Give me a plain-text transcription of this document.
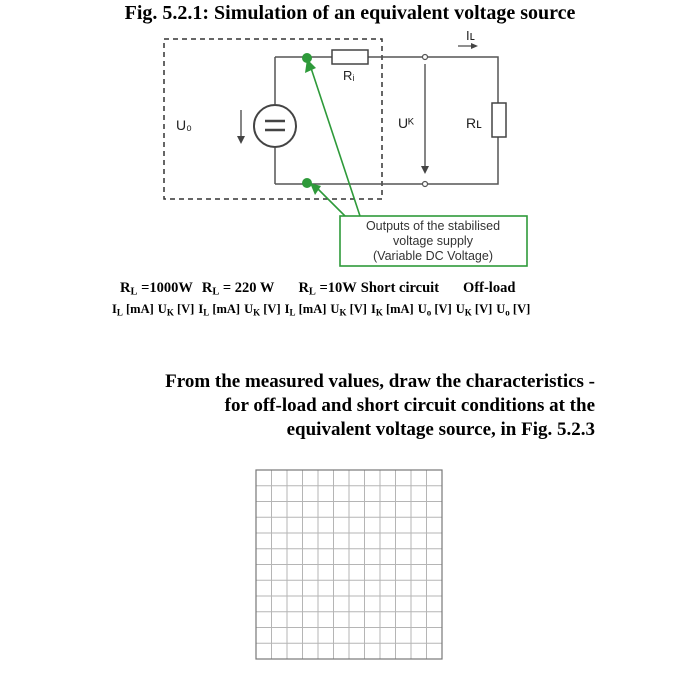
Fig. 5.2.1: Simulation of an equivalent voltage source
Outputs of the stabilised
voltage supply
(Variable DC Voltage)
U₀
Rᵢ
Uᴷ	Rʟ
Iʟ
$R_L =1000W$ $R_L = 220$ W $R_L =10W$ Short circuit Off-load
$I_L$ [mA] $U_K$ [V] $I_L$ [mA] $U_K$ [V] $I_L$ [mA] $U_K$ [V] $I_K$ [mA] $U_o$ [V] $U_K$ [V] $U_o$ [V]
From the measured values, draw the characteristics -
for off-load and short circuit conditions at the
equivalent voltage source, in Fig. 5.2.3
